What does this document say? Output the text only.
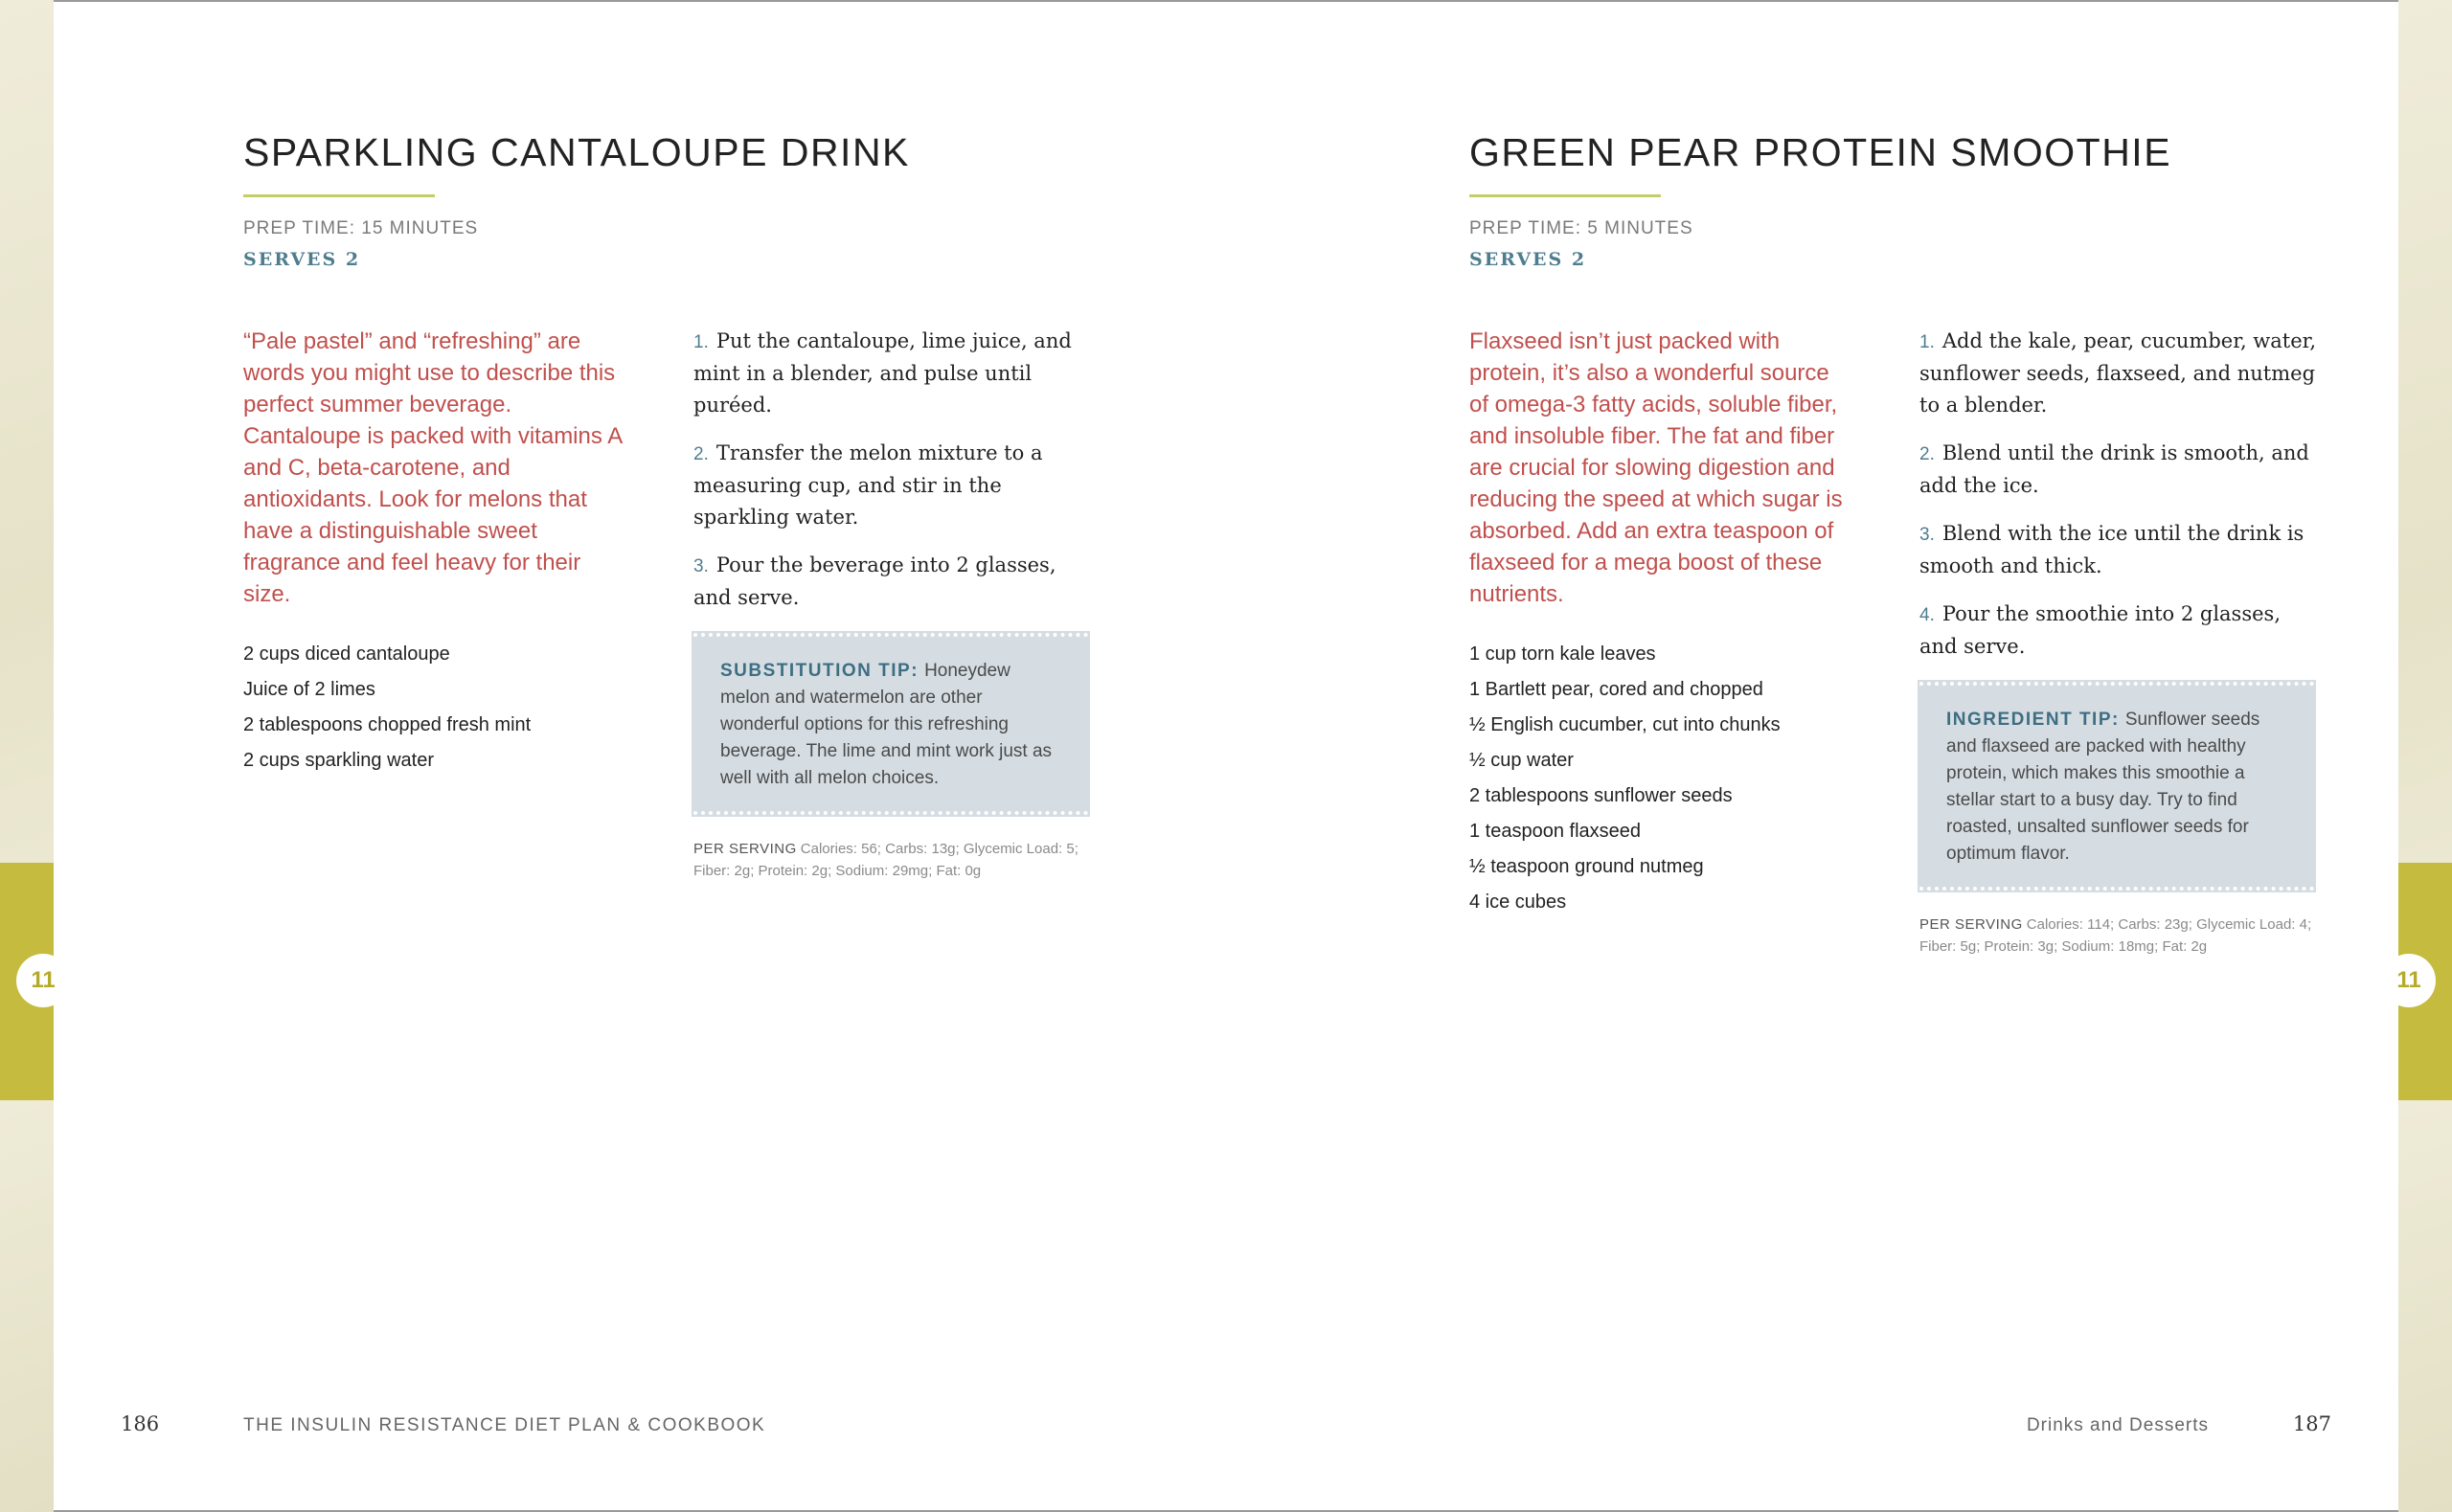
SPARKLING CANTALOUPE DRINK
PREP TIME: 15 MINUTES
SERVES 2

“Pale pastel” and “refreshing” are words you might use to describe this perfect summer beverage. Cantaloupe is packed with vitamins A and C, beta-carotene, and antioxidants. Look for melons that have a distinguishable sweet fragrance and feel heavy for their size.

2 cups diced cantaloupe
Juice of 2 limes
2 tablespoons chopped fresh mint
2 cups sparkling water
1. Put the cantaloupe, lime juice, and mint in a blender, and pulse until puréed.
2. Transfer the melon mixture to a measuring cup, and stir in the sparkling water.
3. Pour the beverage into 2 glasses, and serve.
SUBSTITUTION TIP: Honeydew melon and watermelon are other wonderful options for this refreshing beverage. The lime and mint work just as well with all melon choices.

PER SERVING Calories: 56; Carbs: 13g; Glycemic Load: 5; Fiber: 2g; Protein: 2g; Sodium: 29mg; Fat: 0g

GREEN PEAR PROTEIN SMOOTHIE
PREP TIME: 5 MINUTES
SERVES 2

Flaxseed isn’t just packed with protein, it’s also a wonderful source of omega-3 fatty acids, soluble fiber, and insoluble fiber. The fat and fiber are crucial for slowing digestion and reducing the speed at which sugar is absorbed. Add an extra teaspoon of flaxseed for a mega boost of these nutrients.

1 cup torn kale leaves
1 Bartlett pear, cored and chopped
½ English cucumber, cut into chunks
½ cup water
2 tablespoons sunflower seeds
1 teaspoon flaxseed
½ teaspoon ground nutmeg
4 ice cubes
1. Add the kale, pear, cucumber, water, sunflower seeds, flaxseed, and nutmeg to a blender.
2. Blend until the drink is smooth, and add the ice.
3. Blend with the ice until the drink is smooth and thick.
4. Pour the smoothie into 2 glasses, and serve.
INGREDIENT TIP: Sunflower seeds and flaxseed are packed with healthy protein, which makes this smoothie a stellar start to a busy day. Try to find roasted, unsalted sunflower seeds for optimum flavor.

PER SERVING Calories: 114; Carbs: 23g; Glycemic Load: 4; Fiber: 5g; Protein: 3g; Sodium: 18mg; Fat: 2g

186	THE INSULIN RESISTANCE DIET PLAN & COOKBOOK	Drinks and Desserts	187
11	11
